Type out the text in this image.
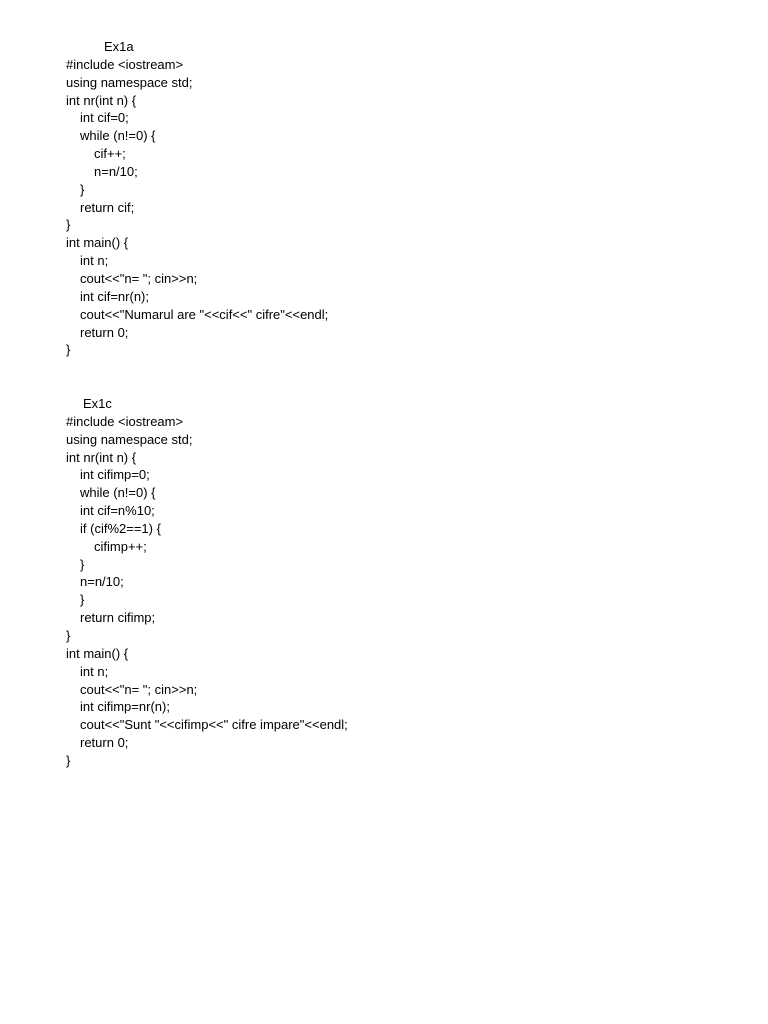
Ex1a
#include <iostream>
using namespace std;
int nr(int n) {
int cif=0;
while (n!=0) {
cif++;
n=n/10;
}
return cif;
}
int main() {
int n;
cout<<"n= "; cin>>n;
int cif=nr(n);
cout<<"Numarul are "<<cif<<" cifre"<<endl;
return 0;
}
Ex1c
#include <iostream>
using namespace std;
int nr(int n) {
int cifimp=0;
while (n!=0) {
int cif=n%10;
if (cif%2==1) {
cifimp++;
}
n=n/10;
}
return cifimp;
}
int main() {
int n;
cout<<"n= "; cin>>n;
int cifimp=nr(n);
cout<<"Sunt "<<cifimp<<" cifre impare"<<endl;
return 0;
}
